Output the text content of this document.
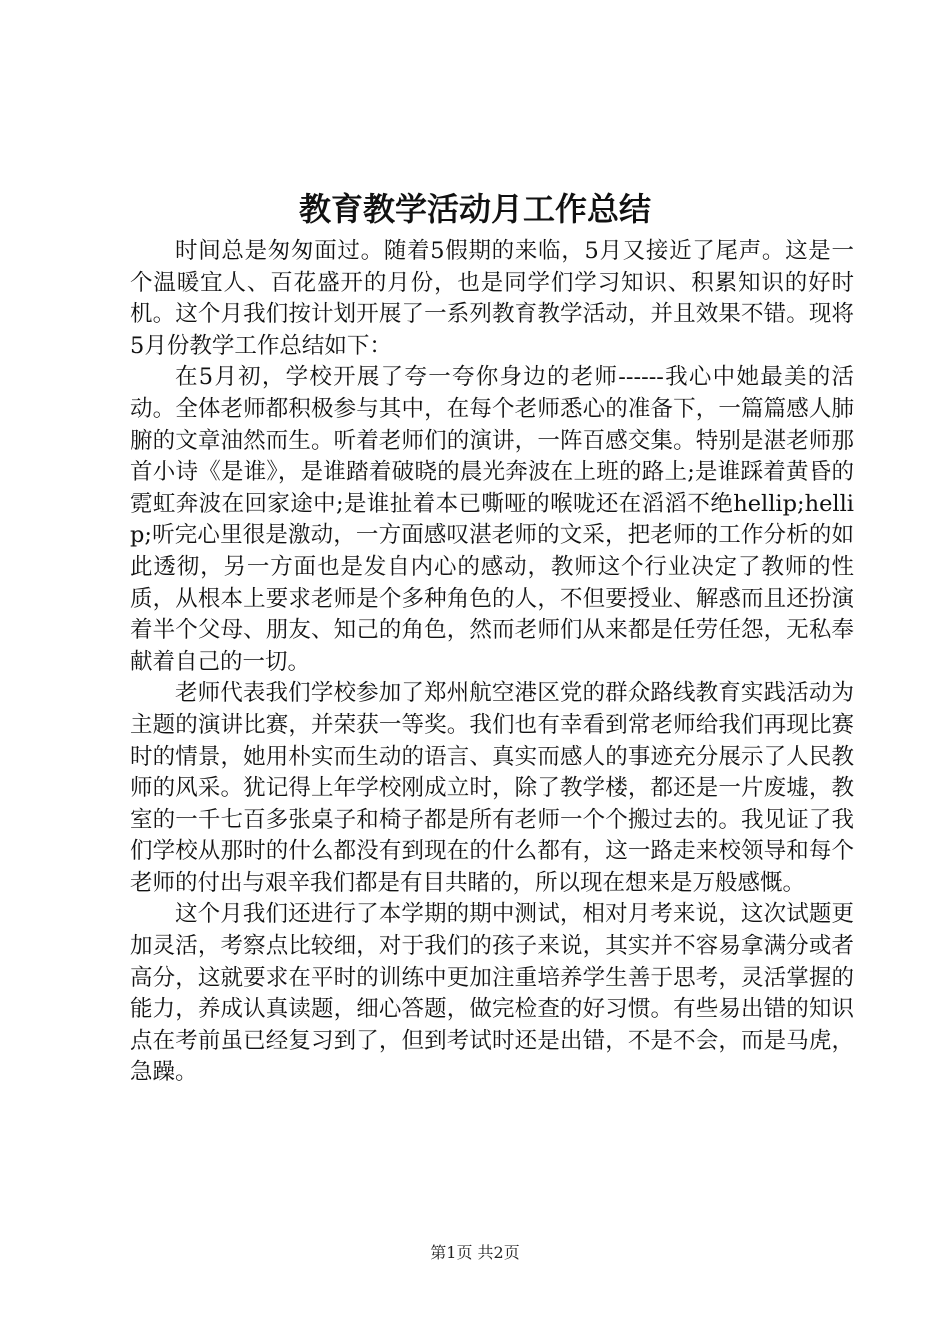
教育教学活动月工作总结

时间总是匆匆面过。随着5假期的来临，5月又接近了尾声。这是一个温暖宜人、百花盛开的月份，也是同学们学习知识、积累知识的好时机。这个月我们按计划开展了一系列教育教学活动，并且效果不错。现将5月份教学工作总结如下：

在5月初，学校开展了夸一夸你身边的老师------我心中她最美的活动。全体老师都积极参与其中，在每个老师悉心的准备下，一篇篇感人肺腑的文章油然而生。听着老师们的演讲，一阵百感交集。特别是湛老师那首小诗《是谁》，是谁踏着破晓的晨光奔波在上班的路上;是谁踩着黄昏的霓虹奔波在回家途中;是谁扯着本已嘶哑的喉咙还在滔滔不绝hellip;hellip;听完心里很是激动，一方面感叹湛老师的文采，把老师的工作分析的如此透彻，另一方面也是发自内心的感动，教师这个行业决定了教师的性质，从根本上要求老师是个多种角色的人，不但要授业、解惑而且还扮演着半个父母、朋友、知己的角色，然而老师们从来都是任劳任怨，无私奉献着自己的一切。

老师代表我们学校参加了郑州航空港区党的群众路线教育实践活动为主题的演讲比赛，并荣获一等奖。我们也有幸看到常老师给我们再现比赛时的情景，她用朴实而生动的语言、真实而感人的事迹充分展示了人民教师的风采。犹记得上年学校刚成立时，除了教学楼，都还是一片废墟，教室的一千七百多张桌子和椅子都是所有老师一个个搬过去的。我见证了我们学校从那时的什么都没有到现在的什么都有，这一路走来校领导和每个老师的付出与艰辛我们都是有目共睹的，所以现在想来是万般感慨。

这个月我们还进行了本学期的期中测试，相对月考来说，这次试题更加灵活，考察点比较细，对于我们的孩子来说，其实并不容易拿满分或者高分，这就要求在平时的训练中更加注重培养学生善于思考，灵活掌握的能力，养成认真读题，细心答题，做完检查的好习惯。有些易出错的知识点在考前虽已经复习到了，但到考试时还是出错，不是不会，而是马虎，急躁。

第1页 共2页
